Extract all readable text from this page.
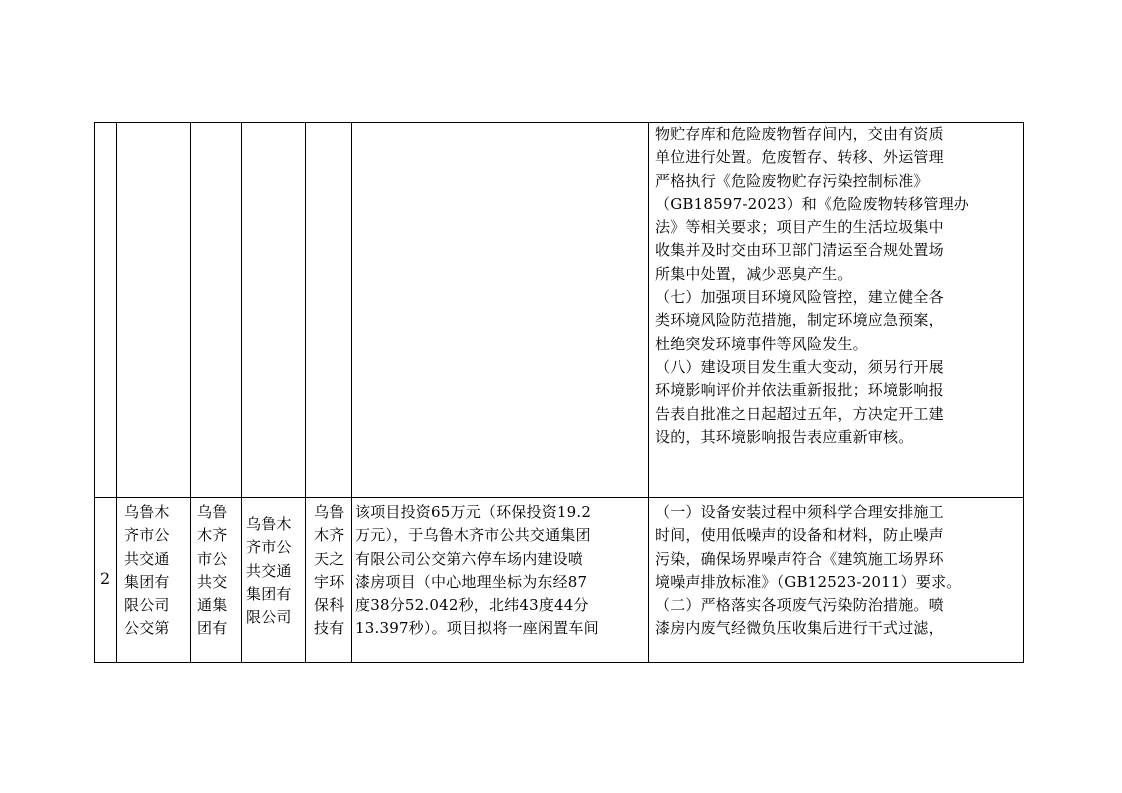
物贮存库和危险废物暂存间内，交由有资质
单位进行处置。危废暂存、转移、外运管理
严格执行《危险废物贮存污染控制标准》
（GB18597-2023）和《危险废物转移管理办
法》等相关要求；项目产生的生活垃圾集中
收集并及时交由环卫部门清运至合规处置场
所集中处置，减少恶臭产生。
（七）加强项目环境风险管控，建立健全各
类环境风险防范措施，制定环境应急预案，
杜绝突发环境事件等风险发生。
（八）建设项目发生重大变动，须另行开展
环境影响评价并依法重新报批；环境影响报
告表自批准之日起超过五年，方决定开工建
设的，其环境影响报告表应重新审核。
2
乌鲁木
齐市公
共交通
集团有
限公司
公交第
乌鲁
木齐
市公
共交
通集
团有
乌鲁木
齐市公
共交通
集团有
限公司
乌鲁
木齐
天之
宇环
保科
技有
该项目投资65万元（环保投资19.2
万元），于乌鲁木齐市公共交通集团
有限公司公交第六停车场内建设喷
漆房项目（中心地理坐标为东经87
度38分52.042秒，北纬43度44分
13.397秒）。项目拟将一座闲置车间
（一）设备安装过程中须科学合理安排施工
时间，使用低噪声的设备和材料，防止噪声
污染，确保场界噪声符合《建筑施工场界环
境噪声排放标准》（GB12523-2011）要求。
（二）严格落实各项废气污染防治措施。喷
漆房内废气经微负压收集后进行干式过滤，
